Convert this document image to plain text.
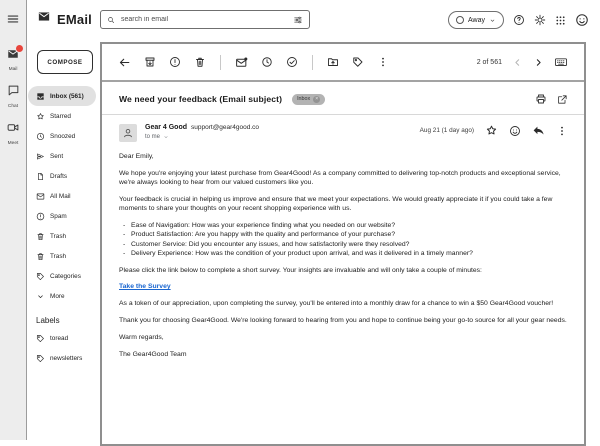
Mail
Chat
Meet
EMail
search in email	Away
COMPOSE
Inbox (561)
Starred
Snoozed
Sent
Drafts
All Mail
Spam
Trash
Trash
Categories
More
Labels
toread
newsletters
2 of 561
We need your feedback (Email subject)	Inbox	×
Gear 4 Good support@gear4good.co
to me
Aug 21 (1 day ago)

Dear Emily,

We hope you're enjoying your latest purchase from Gear4Good! As a company committed to delivering top-notch products and exceptional service, we're always looking to hear from our valued customers like you.

Your feedback is crucial in helping us improve and ensure that we meet your expectations. We would greatly appreciate it if you could take a few moments to share your thoughts on your recent shopping experience with us.

- Ease of Navigation: How was your experience finding what you needed on our website?
- Product Satisfaction: Are you happy with the quality and performance of your purchase?
- Customer Service: Did you encounter any issues, and how satisfactorily were they resolved?
- Delivery Experience: How was the condition of your product upon arrival, and was it delivered in a timely manner?

Please click the link below to complete a short survey. Your insights are invaluable and will only take a couple of minutes:

Take the Survey

As a token of our appreciation, upon completing the survey, you'll be entered into a monthly draw for a chance to win a $50 Gear4Good voucher!

Thank you for choosing Gear4Good. We're looking forward to hearing from you and hope to continue being your go-to source for all your gear needs.

Warm regards,

The Gear4Good Team
